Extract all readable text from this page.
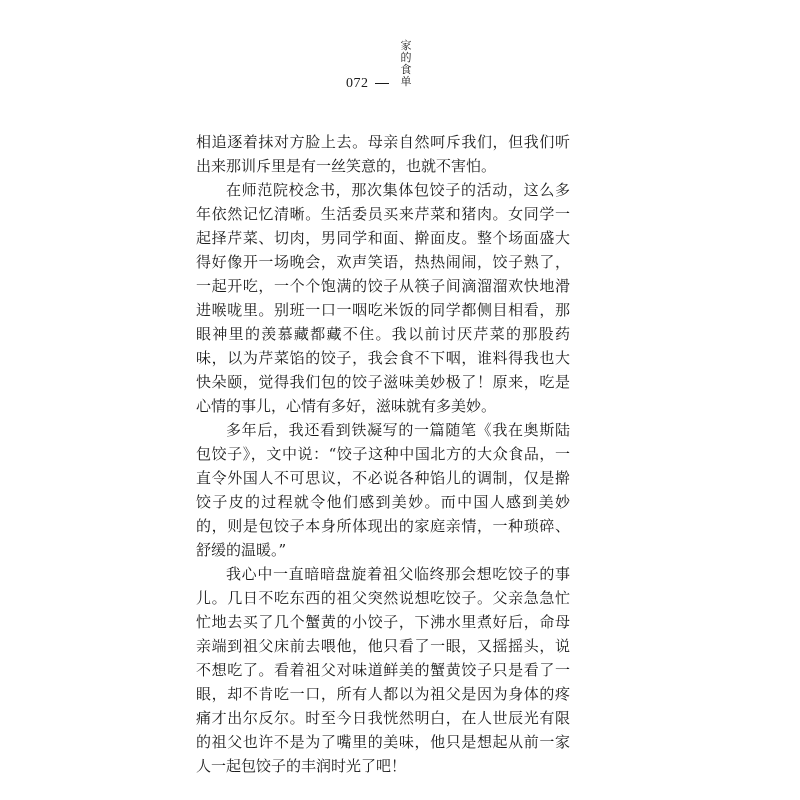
072
家的食单

相追逐着抹对方脸上去。母亲自然呵斥我们，但我们听出来那训斥里是有一丝笑意的，也就不害怕。

在师范院校念书，那次集体包饺子的活动，这么多年依然记忆清晰。生活委员买来芹菜和猪肉。女同学一起择芹菜、切肉，男同学和面、擀面皮。整个场面盛大得好像开一场晚会，欢声笑语，热热闹闹，饺子熟了，一起开吃，一个个饱满的饺子从筷子间滴溜溜欢快地滑进喉咙里。别班一口一咽吃米饭的同学都侧目相看，那眼神里的羡慕藏都藏不住。我以前讨厌芹菜的那股药味，以为芹菜馅的饺子，我会食不下咽，谁料得我也大快朵颐，觉得我们包的饺子滋味美妙极了！原来，吃是心情的事儿，心情有多好，滋味就有多美妙。

多年后，我还看到铁凝写的一篇随笔《我在奥斯陆包饺子》，文中说：“饺子这种中国北方的大众食品，一直令外国人不可思议，不必说各种馅儿的调制，仅是擀饺子皮的过程就令他们感到美妙。而中国人感到美妙的，则是包饺子本身所体现出的家庭亲情，一种琐碎、舒缓的温暖。”

我心中一直暗暗盘旋着祖父临终那会想吃饺子的事儿。几日不吃东西的祖父突然说想吃饺子。父亲急急忙忙地去买了几个蟹黄的小饺子，下沸水里煮好后，命母亲端到祖父床前去喂他，他只看了一眼，又摇摇头，说不想吃了。看着祖父对味道鲜美的蟹黄饺子只是看了一眼，却不肯吃一口，所有人都以为祖父是因为身体的疼痛才出尔反尔。时至今日我恍然明白，在人世辰光有限的祖父也许不是为了嘴里的美味，他只是想起从前一家人一起包饺子的丰润时光了吧！
